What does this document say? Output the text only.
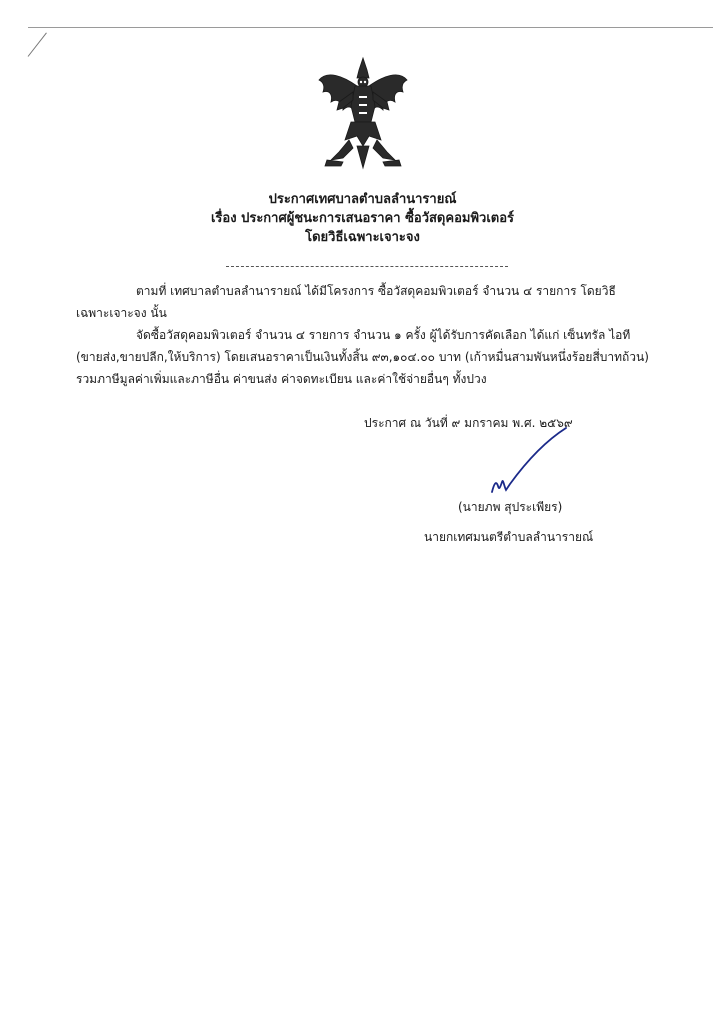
ประกาศเทศบาลตำบลลำนารายณ์
เรื่อง ประกาศผู้ชนะการเสนอราคา ซื้อวัสดุคอมพิวเตอร์
โดยวิธีเฉพาะเจาะจง
ตามที่ เทศบาลตำบลลำนารายณ์ ได้มีโครงการ ซื้อวัสดุคอมพิวเตอร์ จำนวน ๔ รายการ โดยวิธี
เฉพาะเจาะจง นั้น
จัดซื้อวัสดุคอมพิวเตอร์ จำนวน ๔ รายการ จำนวน ๑ ครั้ง ผู้ได้รับการคัดเลือก ได้แก่ เซ็นทรัล ไอที
(ขายส่ง,ขายปลีก,ให้บริการ) โดยเสนอราคาเป็นเงินทั้งสิ้น ๙๓,๑๐๔.๐๐ บาท (เก้าหมื่นสามพันหนึ่งร้อยสี่บาทถ้วน)
รวมภาษีมูลค่าเพิ่มและภาษีอื่น ค่าขนส่ง ค่าจดทะเบียน และค่าใช้จ่ายอื่นๆ ทั้งปวง
ประกาศ ณ วันที่ ๙ มกราคม พ.ศ. ๒๕๖๙
(นายภพ สุประเพียร)
นายกเทศมนตรีตำบลลำนารายณ์
